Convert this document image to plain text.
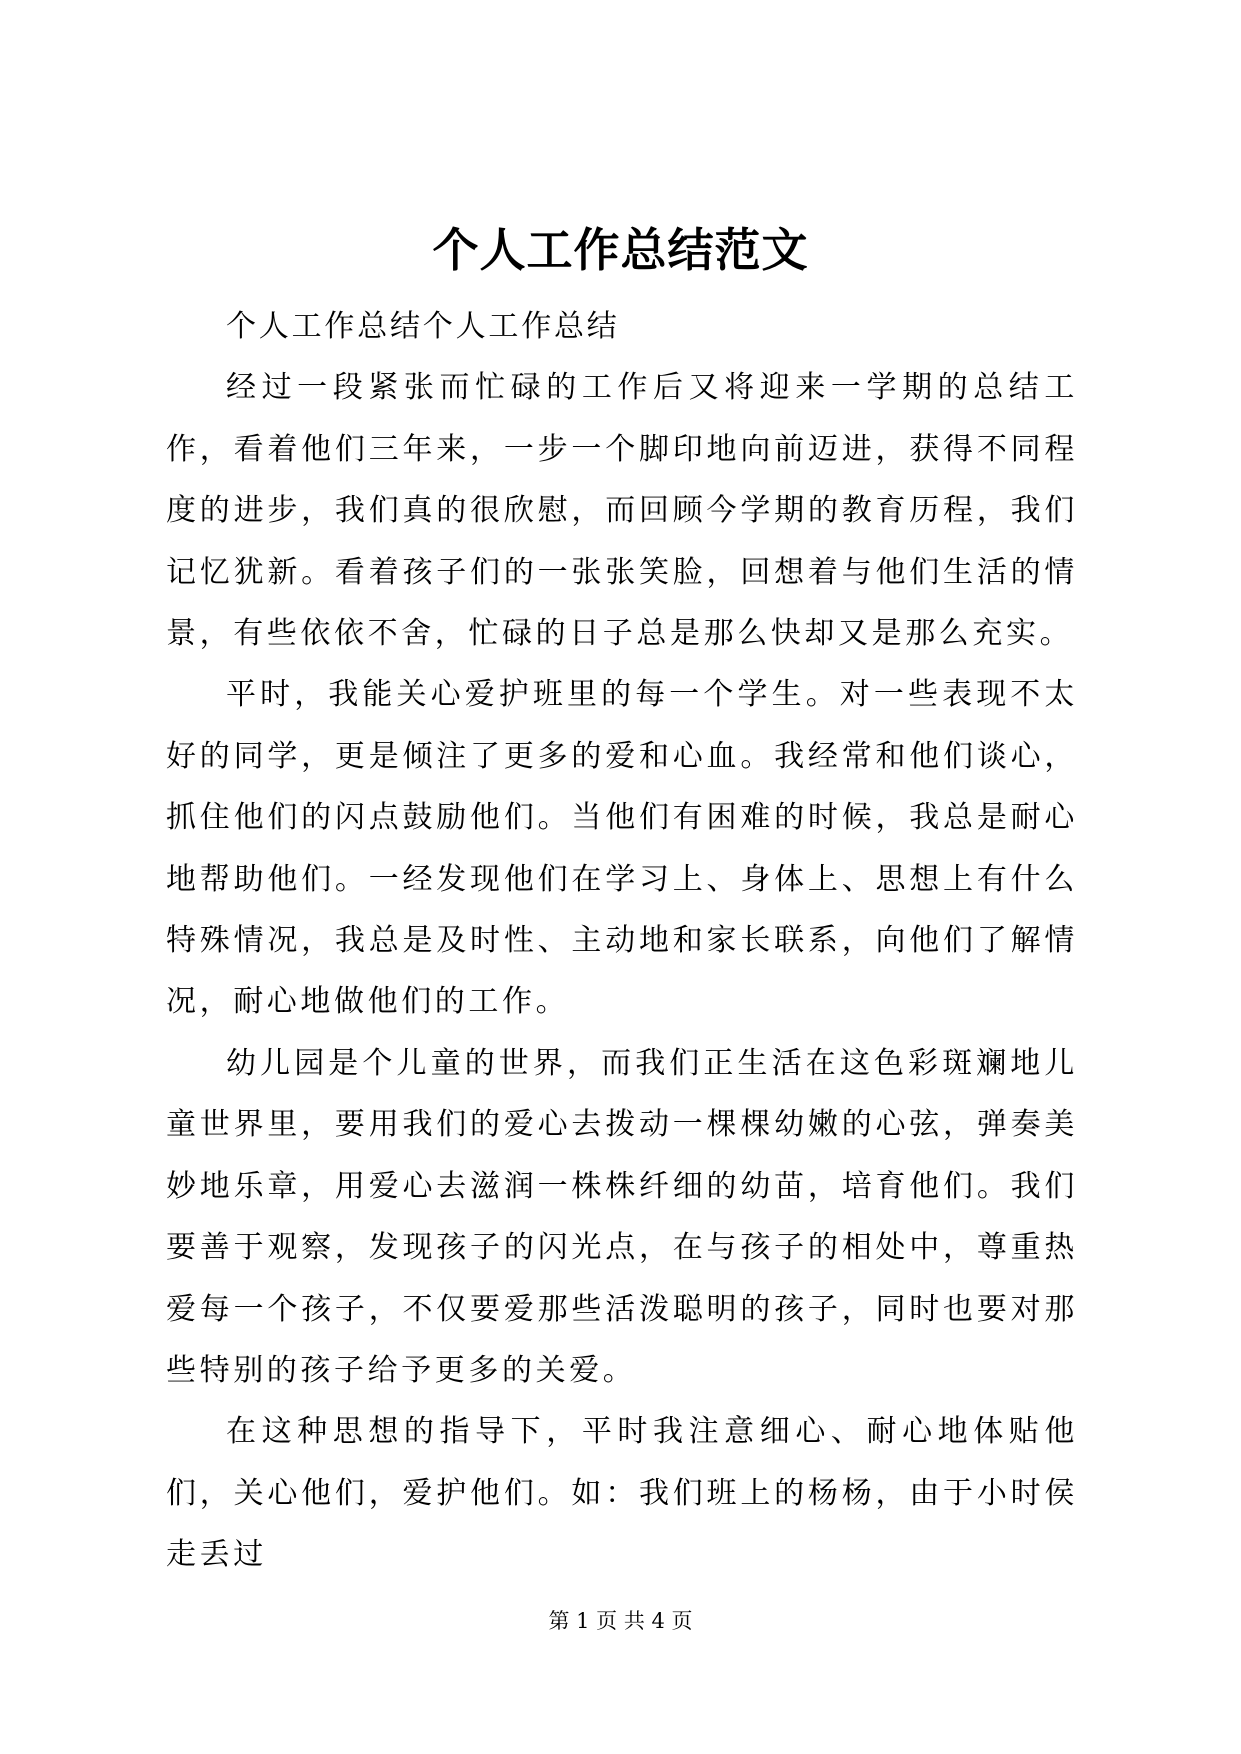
个人工作总结范文

个人工作总结个人工作总结

经过一段紧张而忙碌的工作后又将迎来一学期的总结工作，看着他们三年来，一步一个脚印地向前迈进，获得不同程度的进步，我们真的很欣慰，而回顾今学期的教育历程，我们记忆犹新。看着孩子们的一张张笑脸，回想着与他们生活的情景，有些依依不舍，忙碌的日子总是那么快却又是那么充实。

平时，我能关心爱护班里的每一个学生。对一些表现不太好的同学，更是倾注了更多的爱和心血。我经常和他们谈心，抓住他们的闪点鼓励他们。当他们有困难的时候，我总是耐心地帮助他们。一经发现他们在学习上、身体上、思想上有什么特殊情况，我总是及时性、主动地和家长联系，向他们了解情况，耐心地做他们的工作。

幼儿园是个儿童的世界，而我们正生活在这色彩斑斓地儿童世界里，要用我们的爱心去拨动一棵棵幼嫩的心弦，弹奏美妙地乐章，用爱心去滋润一株株纤细的幼苗，培育他们。我们要善于观察，发现孩子的闪光点，在与孩子的相处中，尊重热爱每一个孩子，不仅要爱那些活泼聪明的孩子，同时也要对那些特别的孩子给予更多的关爱。

在这种思想的指导下，平时我注意细心、耐心地体贴他们，关心他们，爱护他们。如：我们班上的杨杨，由于小时侯走丢过

第 1 页 共 4 页
